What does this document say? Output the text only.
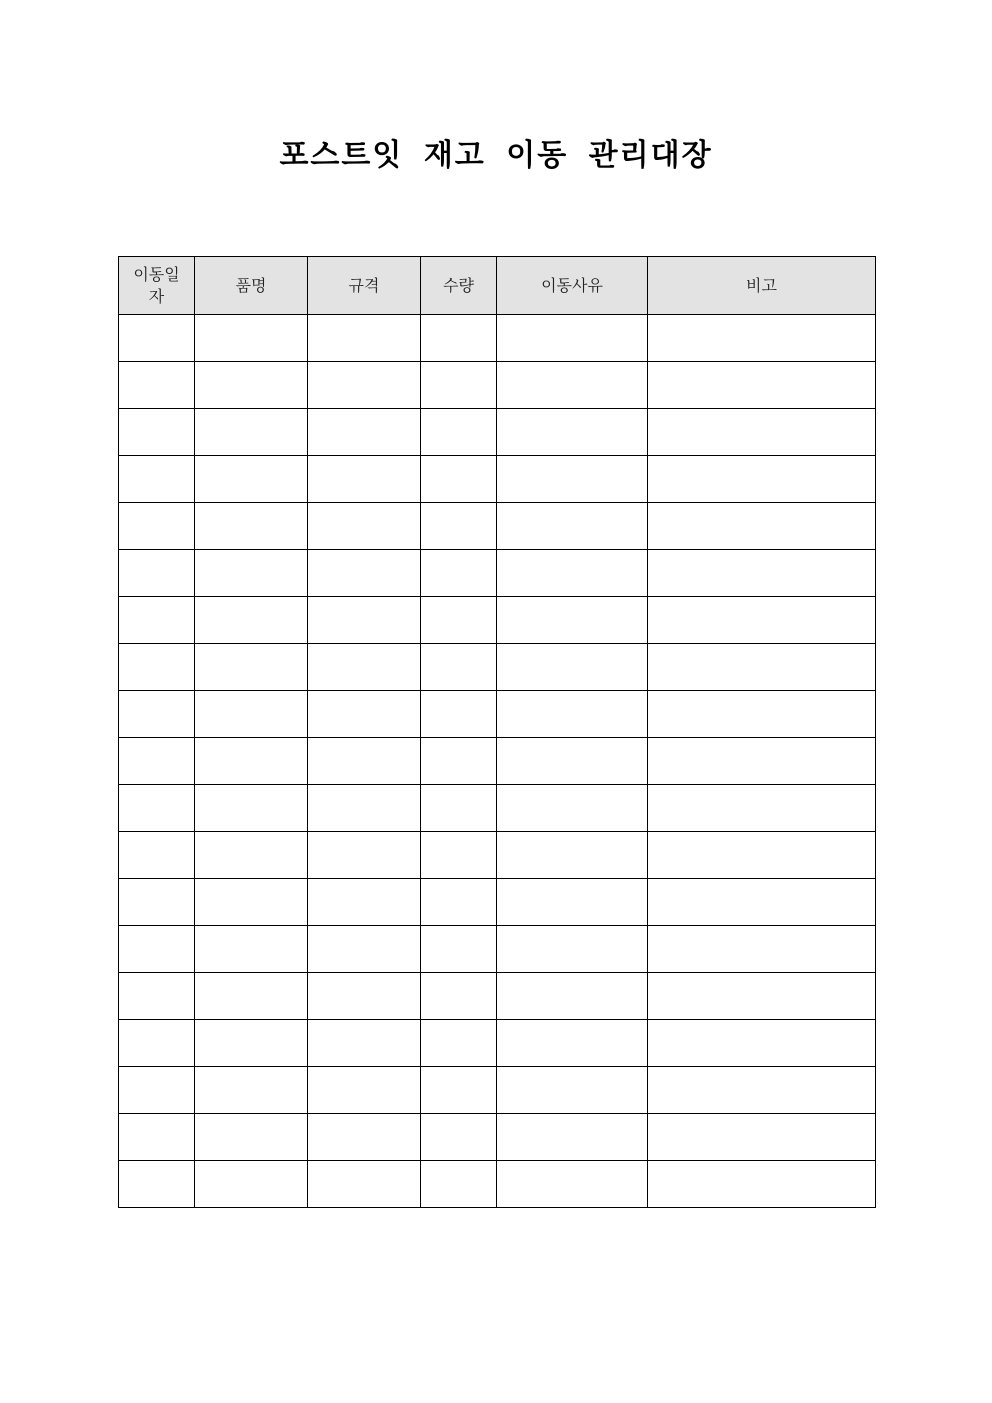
포스트잇 재고 이동 관리대장
이동일자	품명	규격	수량	이동사유	비고
